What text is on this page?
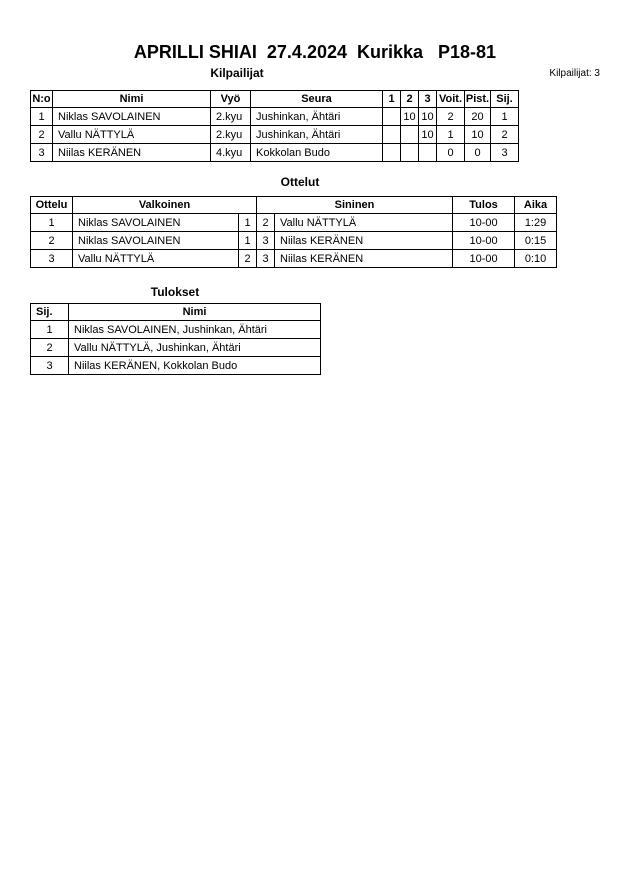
APRILLI SHIAI  27.4.2024  Kurikka   P18-81
Kilpailijat	Kilpailijat: 3
N:o	Nimi	Vyö	Seura	1	2	3	Voit.	Pist.	Sij.
1	Niklas SAVOLAINEN	2.kyu	Jushinkan, Ähtäri		10	10	2	20	1
2	Vallu NÄTTYLÄ	2.kyu	Jushinkan, Ähtäri			10	1	10	2
3	Niilas KERÄNEN	4.kyu	Kokkolan Budo				0	0	3
Ottelut
Ottelu	Valkoinen		Sininen		Tulos	Aika
1	Niklas SAVOLAINEN	1	2	Vallu NÄTTYLÄ	10-00	1:29
2	Niklas SAVOLAINEN	1	3	Niilas KERÄNEN	10-00	0:15
3	Vallu NÄTTYLÄ	2	3	Niilas KERÄNEN	10-00	0:10
Tulokset
Sij.	Nimi
1	Niklas SAVOLAINEN, Jushinkan, Ähtäri
2	Vallu NÄTTYLÄ, Jushinkan, Ähtäri
3	Niilas KERÄNEN, Kokkolan Budo
